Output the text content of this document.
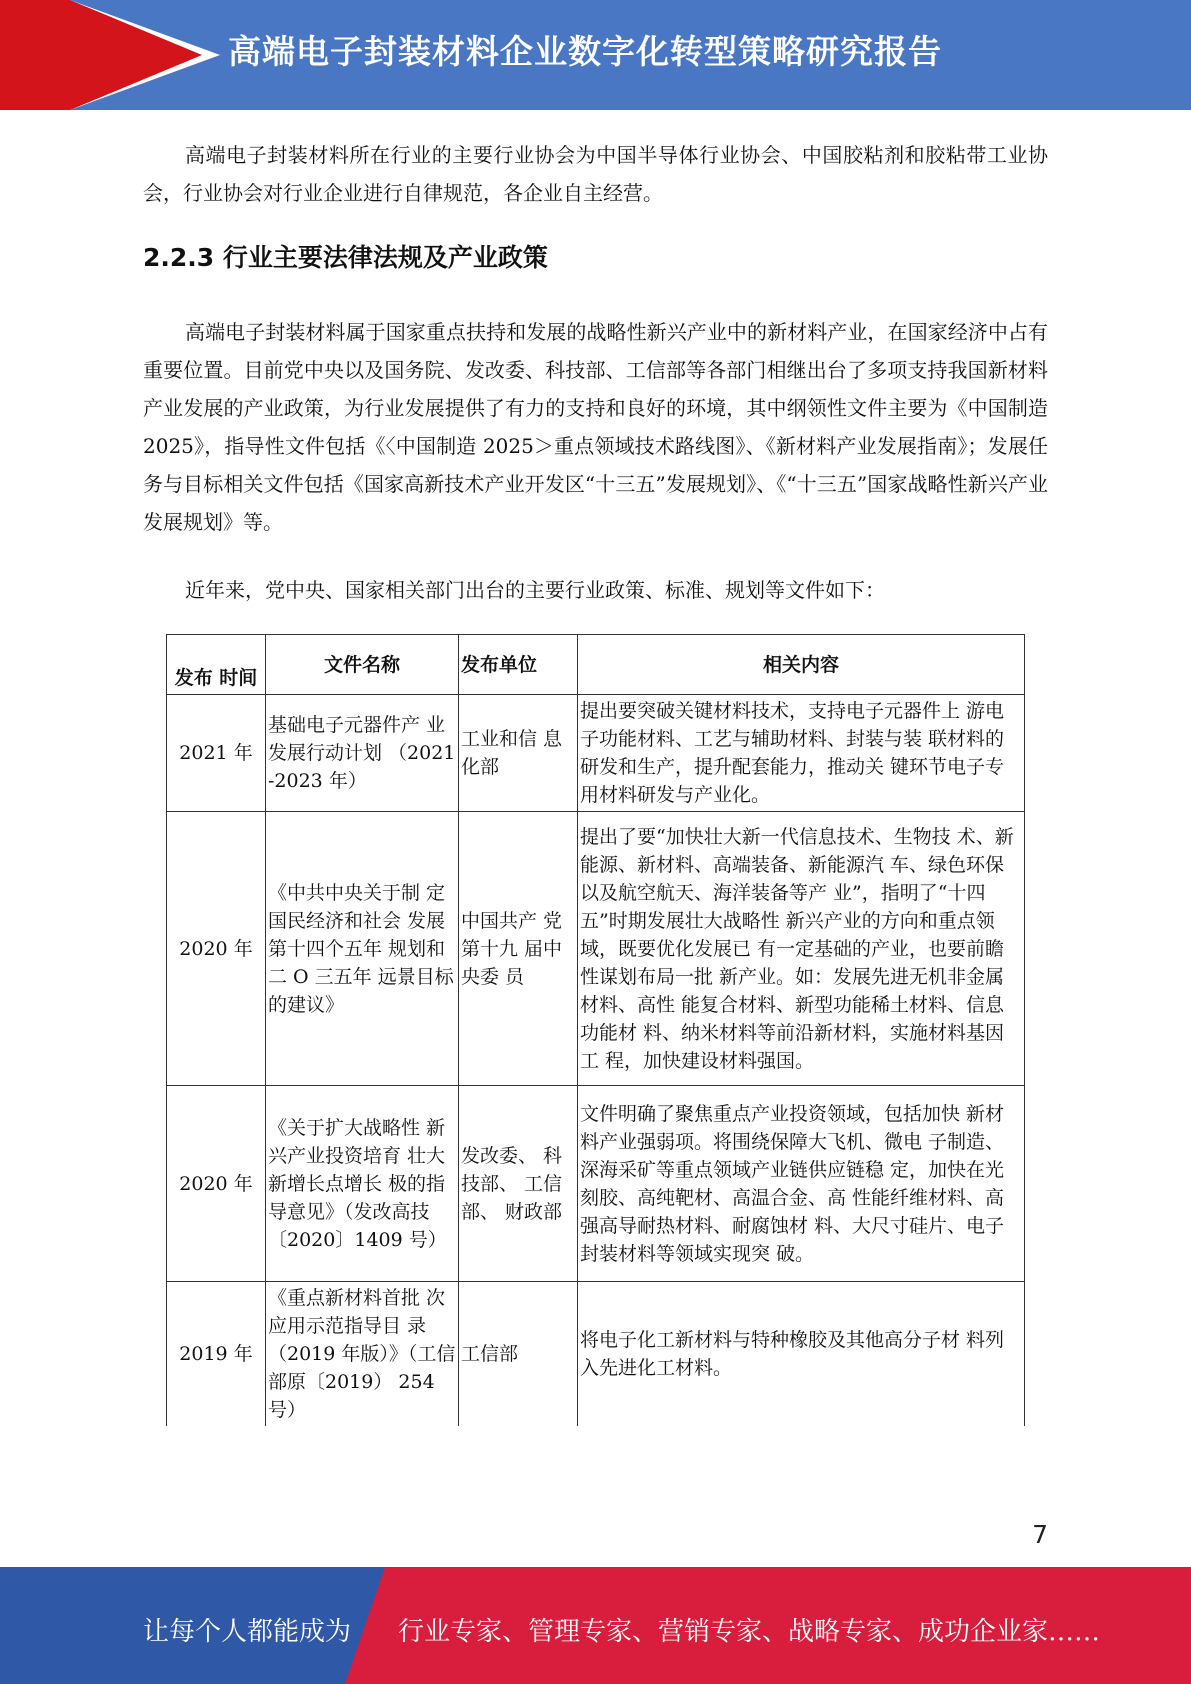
高端电子封装材料企业数字化转型策略研究报告

高端电子封装材料所在行业的主要行业协会为中国半导体行业协会、中国胶粘剂和胶粘带工业协会，行业协会对行业企业进行自律规范，各企业自主经营。

2.2.3 行业主要法律法规及产业政策

高端电子封装材料属于国家重点扶持和发展的战略性新兴产业中的新材料产业，在国家经济中占有重要位置。目前党中央以及国务院、发改委、科技部、工信部等各部门相继出台了多项支持我国新材料产业发展的产业政策，为行业发展提供了有力的支持和良好的环境，其中纲领性文件主要为《中国制造 2025》，指导性文件包括《〈中国制造 2025＞重点领域技术路线图》、《新材料产业发展指南》；发展任务与目标相关文件包括《国家高新技术产业开发区“十三五”发展规划》、《“十三五”国家战略性新兴产业发展规划》等。

近年来，党中央、国家相关部门出台的主要行业政策、标准、规划等文件如下：

发布 时间	文件名称	发布单位	相关内容
2021 年	基础电子元器件产 业发展行动计划 （2021-2023 年）	工业和信 息化部	提出要突破关键材料技术，支持电子元器件上 游电子功能材料、工艺与辅助材料、封装与装 联材料的研发和生产，提升配套能力，推动关 键环节电子专用材料研发与产业化。
2020 年	《中共中央关于制 定国民经济和社会 发展第十四个五年 规划和二 O 三五年 远景目标的建议》	中国共产 党第十九 届中央委 员	提出了要“加快壮大新一代信息技术、生物技 术、新能源、新材料、高端装备、新能源汽 车、绿色环保以及航空航天、海洋装备等产 业”，指明了“十四五”时期发展壮大战略性 新兴产业的方向和重点领域，既要优化发展已 有一定基础的产业，也要前瞻性谋划布局一批 新产业。如：发展先进无机非金属材料、高性 能复合材料、新型功能稀土材料、信息功能材 料、纳米材料等前沿新材料，实施材料基因工 程，加快建设材料强国。
2020 年	《关于扩大战略性 新兴产业投资培育 壮大新增长点增长 极的指导意见》（发改高技〔2020〕1409 号）	发改委、 科技部、 工信部、 财政部	文件明确了聚焦重点产业投资领域，包括加快 新材料产业强弱项。将围绕保障大飞机、微电 子制造、深海采矿等重点领域产业链供应链稳 定，加快在光刻胶、高纯靶材、高温合金、高 性能纤维材料、高强高导耐热材料、耐腐蚀材 料、大尺寸硅片、电子封装材料等领域实现突 破。
2019 年	《重点新材料首批 次应用示范指导目 录（2019 年版）》（工信部原〔2019） 254 号）	工信部	将电子化工新材料与特种橡胶及其他高分子材 料列入先进化工材料。
7
让每个人都能成为 行业专家、管理专家、营销专家、战略专家、成功企业家……
